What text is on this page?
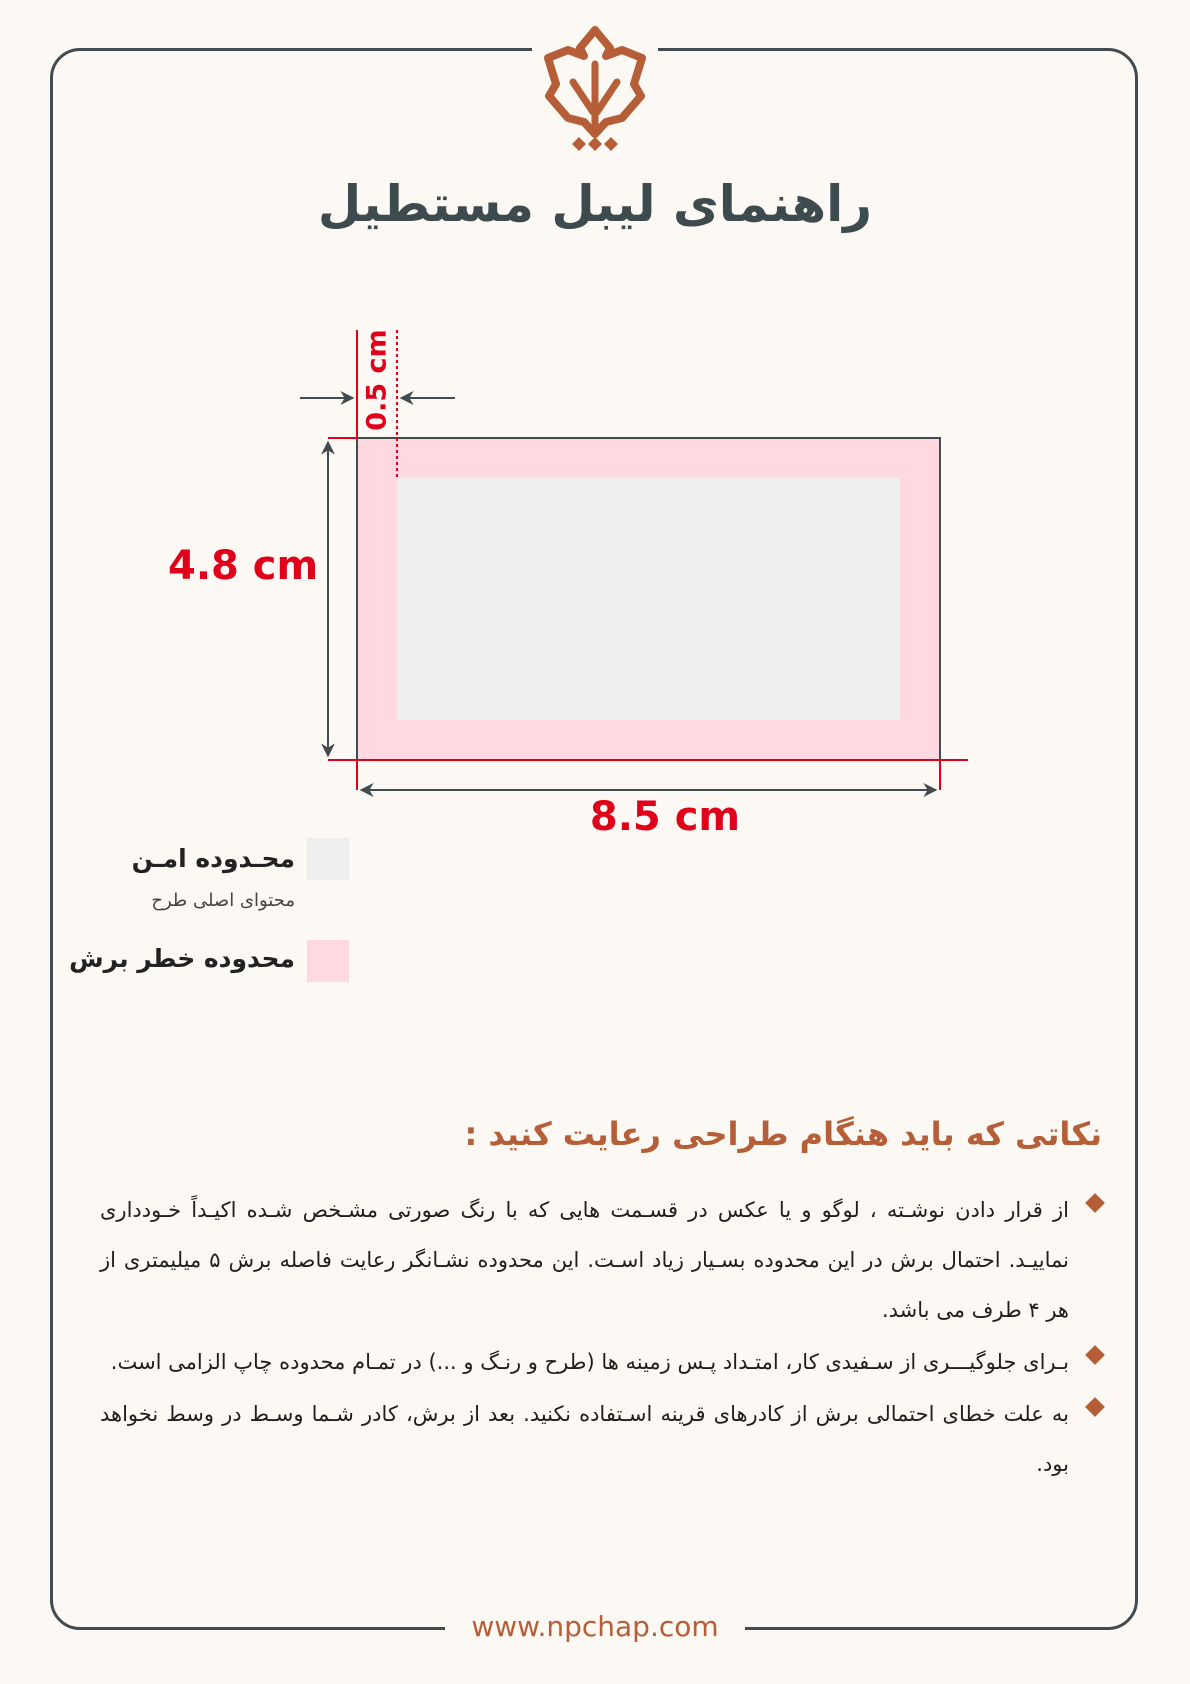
راهنمای لیبل مستطیل
0.5 cm
4.8 cm
8.5 cm
محـدوده امـن
محتوای اصلی طرح
محدوده خطر برش
نکاتی که باید هنگام طراحی رعایت کنید :
از قرار دادن نوشـته ، لوگو و یا عکس در قسـمت هایی که با رنگ صورتی مشـخص شـده اکیـداً خـودداری نماییـد. احتمال برش در این محدوده بسـیار زیاد اسـت. این محدوده نشـانگر رعایت فاصله برش ۵ میلیمتری از هر ۴ طرف می باشد.
بـرای جلوگیـــری از سـفیدی کار، امتـداد پـس زمینه ها (طرح و رنـگ و ...) در تمـام محدوده چاپ الزامی است.
به علت خطای احتمالی برش از کادرهای قرینه اسـتفاده نکنید. بعد از برش، کادر شـما وسـط در وسط نخواهد بود.
www.npchap.com
